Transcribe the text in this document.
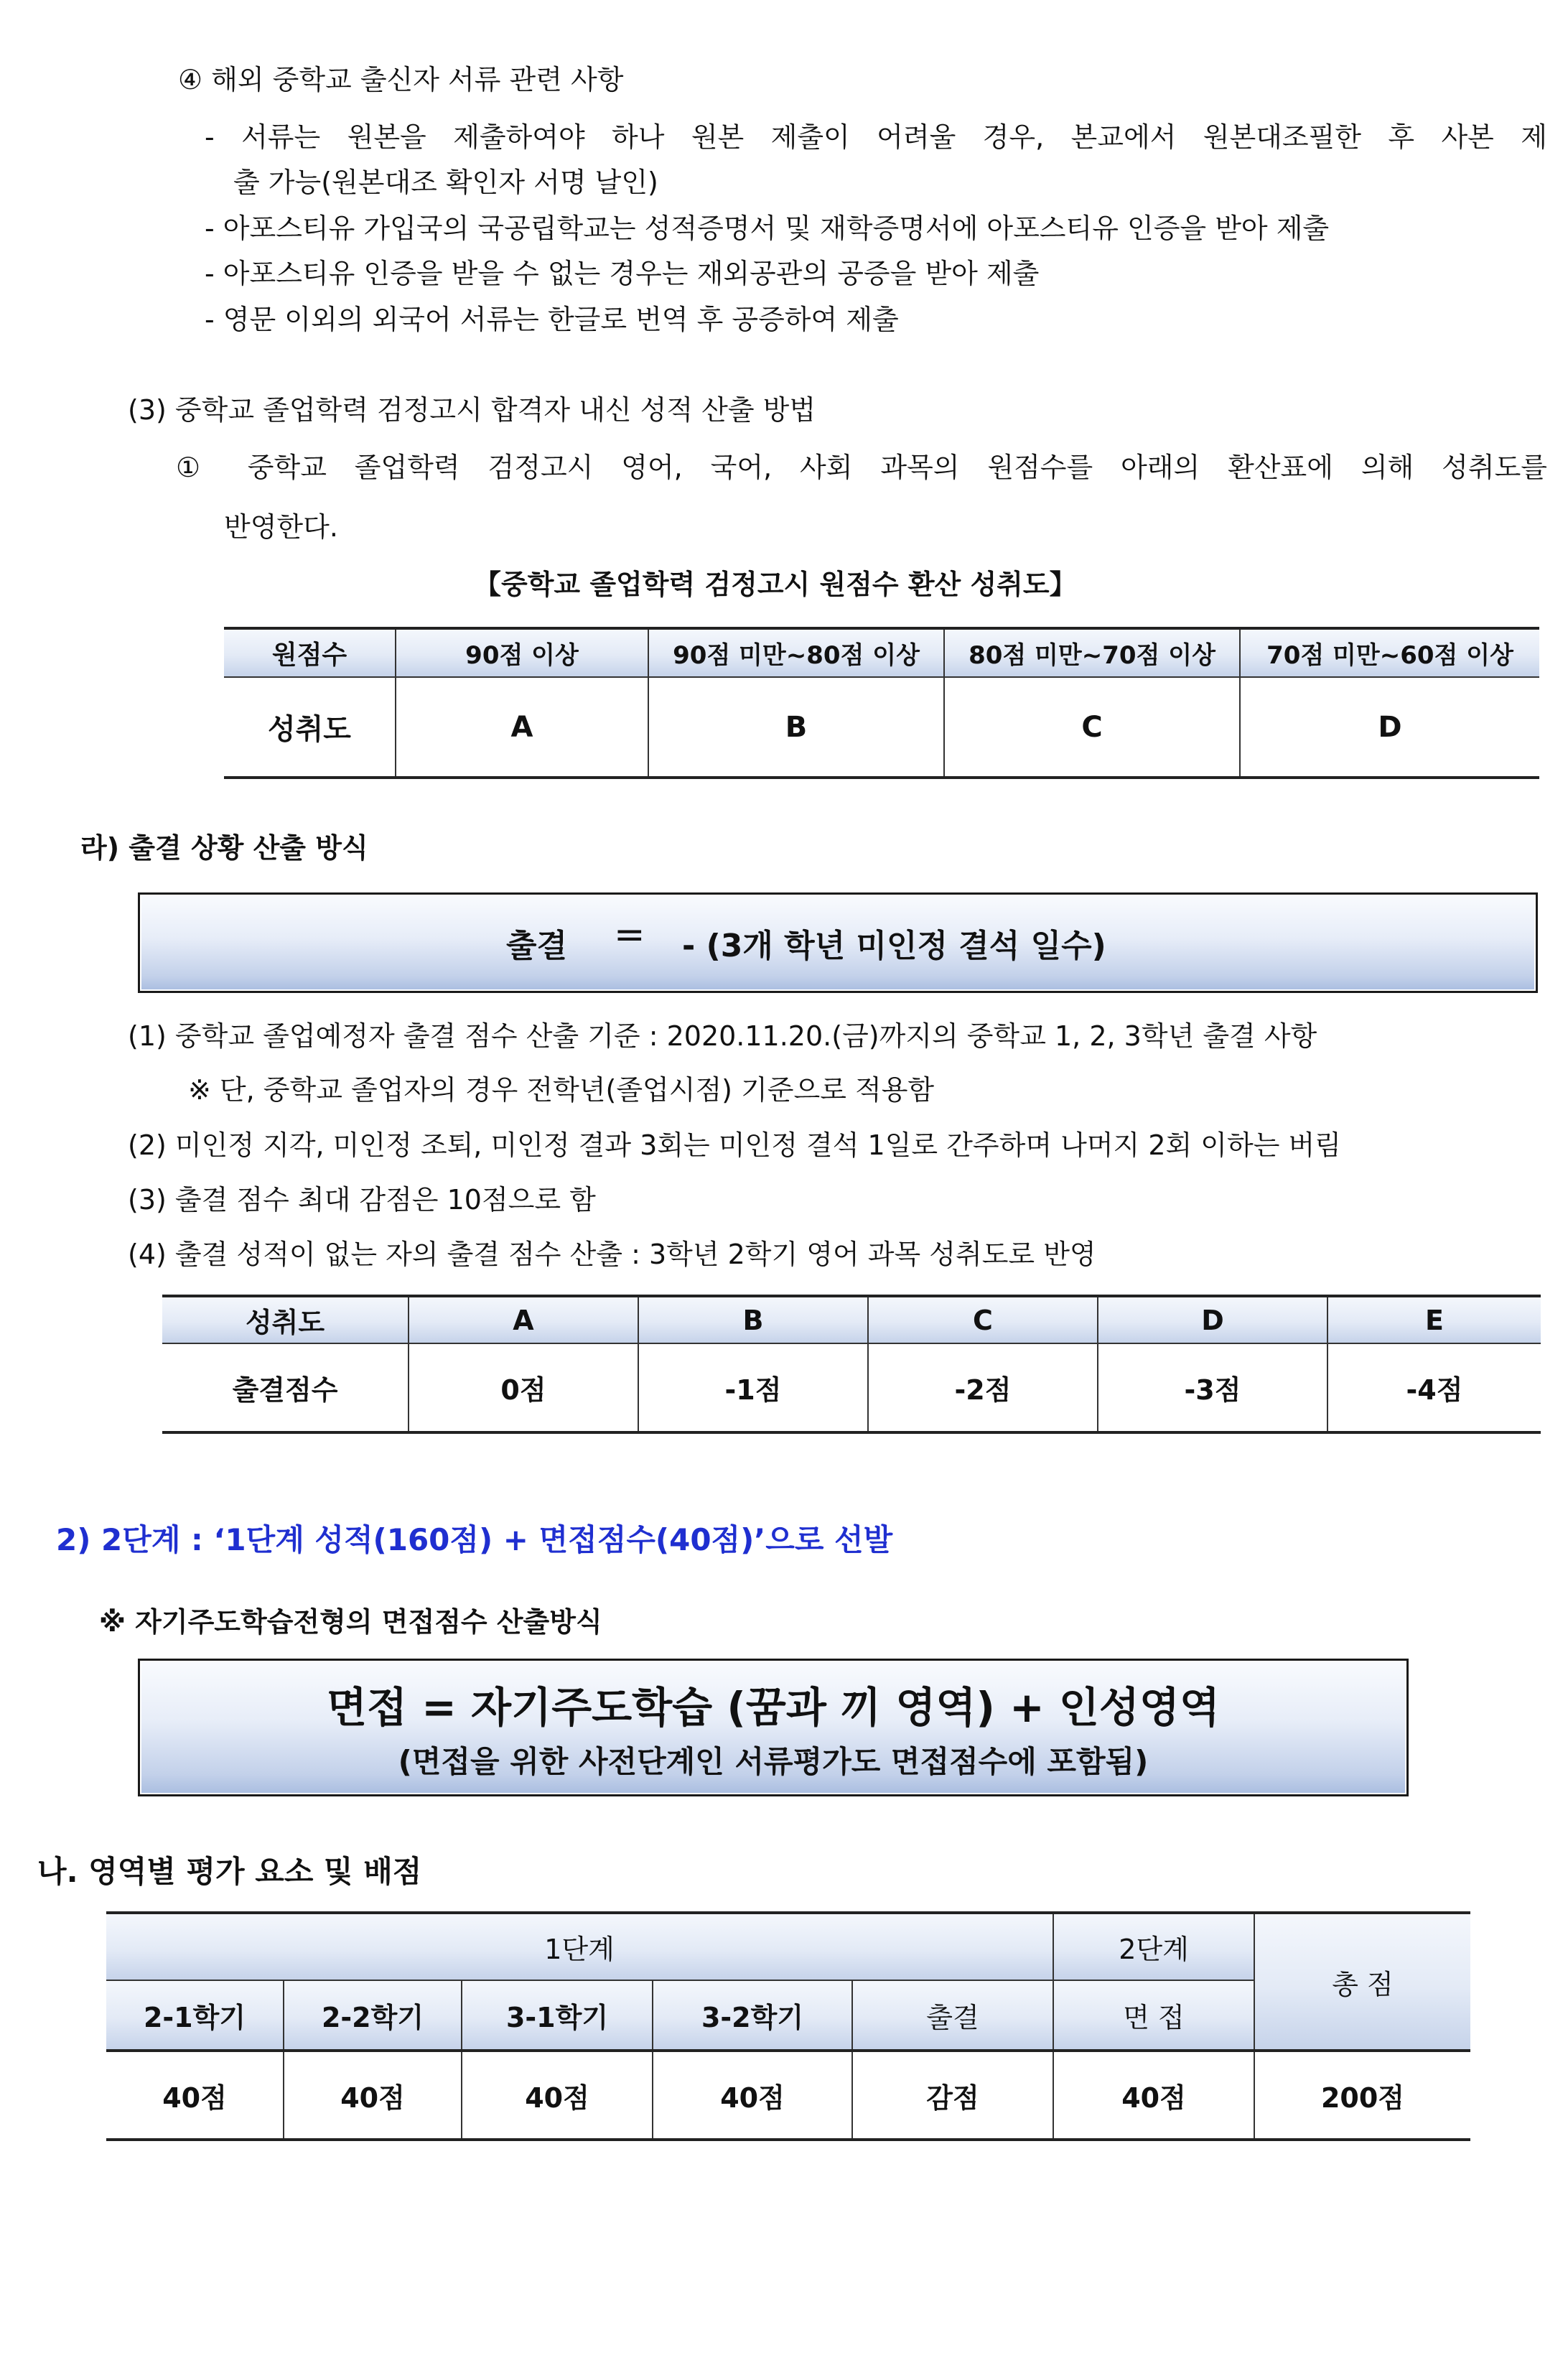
④ 해외 중학교 출신자 서류 관련 사항
- 서류는 원본을 제출하여야 하나 원본 제출이 어려울 경우, 본교에서 원본대조필한 후 사본 제
출 가능(원본대조 확인자 서명 날인)
- 아포스티유 가입국의 국공립학교는 성적증명서 및 재학증명서에 아포스티유 인증을 받아 제출
- 아포스티유 인증을 받을 수 없는 경우는 재외공관의 공증을 받아 제출
- 영문 이외의 외국어 서류는 한글로 번역 후 공증하여 제출
(3) 중학교 졸업학력 검정고시 합격자 내신 성적 산출 방법
① 중학교 졸업학력 검정고시 영어, 국어, 사회 과목의 원점수를 아래의 환산표에 의해 성취도를
반영한다.
【중학교 졸업학력 검정고시 원점수 환산 성취도】
원점수	90점 이상	90점 미만~80점 이상	80점 미만~70점 이상	70점 미만~60점 이상
성취도	A	B	C	D
라) 출결 상황 산출 방식
출결 = - (3개 학년 미인정 결석 일수)
(1) 중학교 졸업예정자 출결 점수 산출 기준 : 2020.11.20.(금)까지의 중학교 1, 2, 3학년 출결 사항
※ 단, 중학교 졸업자의 경우 전학년(졸업시점) 기준으로 적용함
(2) 미인정 지각, 미인정 조퇴, 미인정 결과 3회는 미인정 결석 1일로 간주하며 나머지 2회 이하는 버림
(3) 출결 점수 최대 감점은 10점으로 함
(4) 출결 성적이 없는 자의 출결 점수 산출 : 3학년 2학기 영어 과목 성취도로 반영
성취도	A	B	C	D	E
출결점수	0점	-1점	-2점	-3점	-4점
2) 2단계 : ‘1단계 성적(160점) + 면접점수(40점)’으로 선발
※ 자기주도학습전형의 면접점수 산출방식
면접 = 자기주도학습 (꿈과 끼 영역) + 인성영역
(면접을 위한 사전단계인 서류평가도 면접점수에 포함됨)
나. 영역별 평가 요소 및 배점
1단계					2단계	총 점
2-1학기	2-2학기	3-1학기	3-2학기	출결	면 접	
40점	40점	40점	40점	감점	40점	200점
